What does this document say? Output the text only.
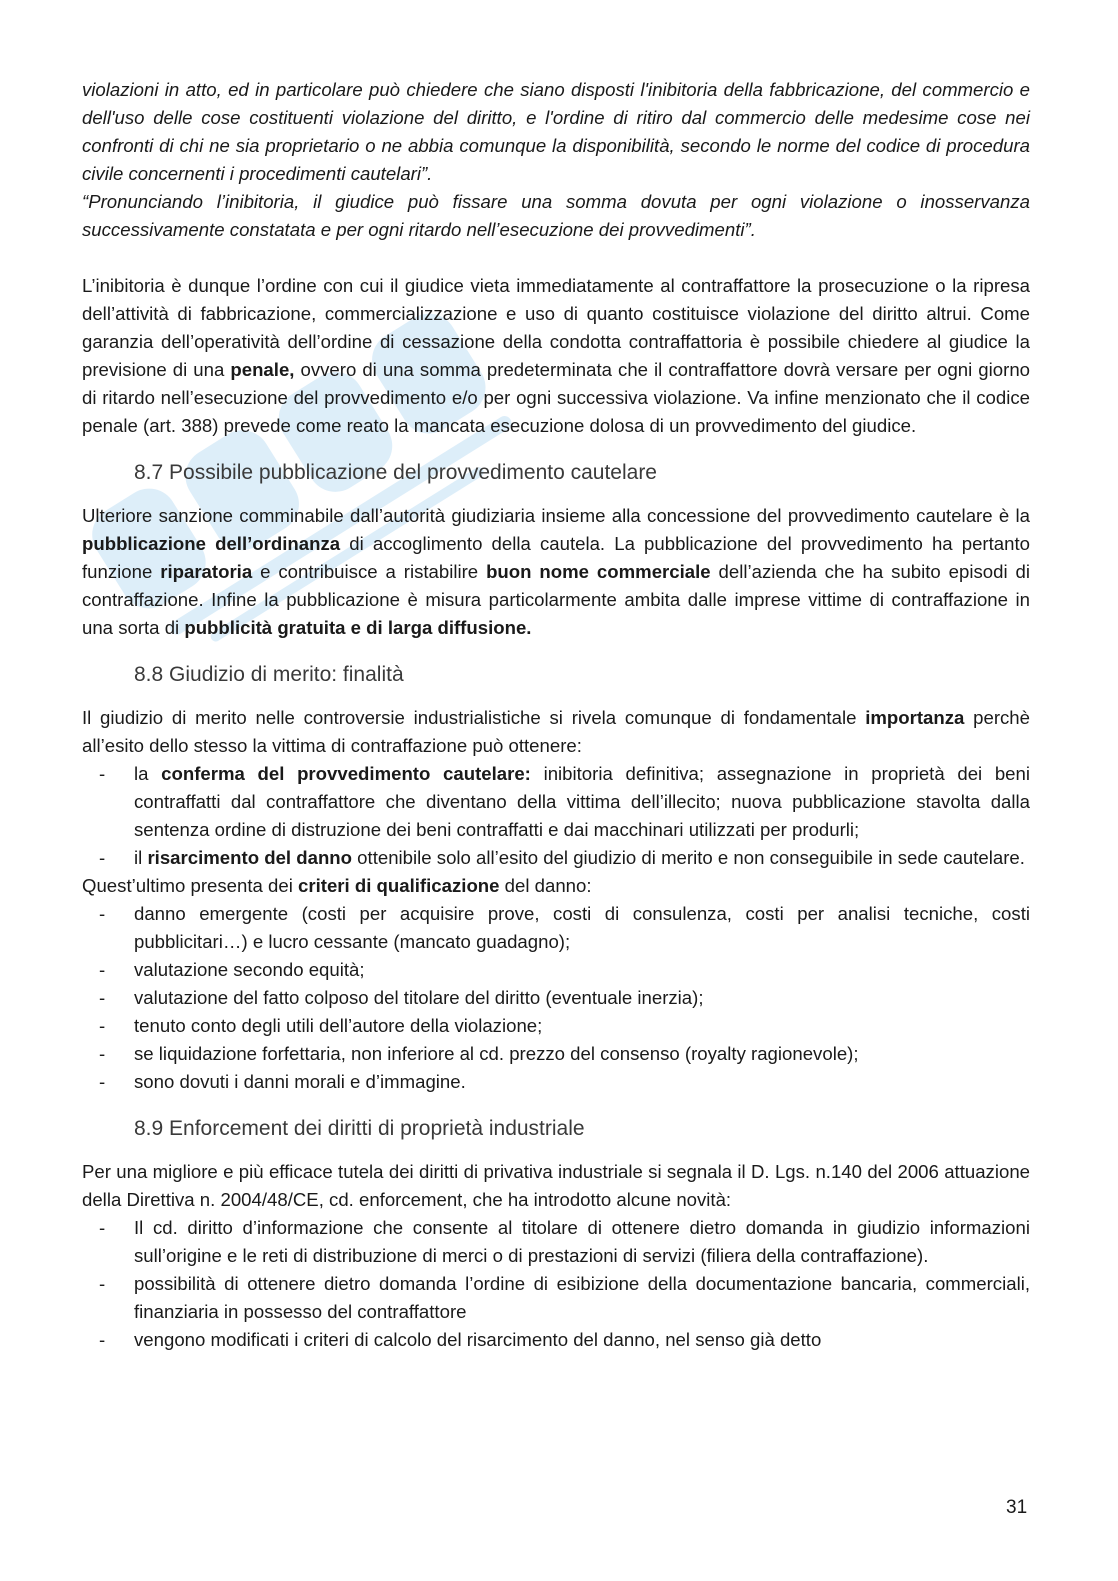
violazioni in atto, ed in particolare può chiedere che siano disposti l'inibitoria della fabbricazione, del commercio e dell'uso delle cose costituenti violazione del diritto, e l'ordine di ritiro dal commercio delle medesime cose nei confronti di chi ne sia proprietario o ne abbia comunque la disponibilità, secondo le norme del codice di procedura civile concernenti i procedimenti cautelari”.

“Pronunciando l’inibitoria, il giudice può fissare una somma dovuta per ogni violazione o inosservanza successivamente constatata e per ogni ritardo nell’esecuzione dei provvedimenti”.

L’inibitoria è dunque l’ordine con cui il giudice vieta immediatamente al contraffattore la prosecuzione o la ripresa dell’attività di fabbricazione, commercializzazione e uso di quanto costituisce violazione del diritto altrui. Come garanzia dell’operatività dell’ordine di cessazione della condotta contraffattoria è possibile chiedere al giudice la previsione di una penale, ovvero di una somma predeterminata che il contraffattore dovrà versare per ogni giorno di ritardo nell’esecuzione del provvedimento e/o per ogni successiva violazione. Va infine menzionato che il codice penale (art. 388) prevede come reato la mancata esecuzione dolosa di un provvedimento del giudice.

8.7 Possibile pubblicazione del provvedimento cautelare

Ulteriore sanzione comminabile dall’autorità giudiziaria insieme alla concessione del provvedimento cautelare è la pubblicazione dell’ordinanza di accoglimento della cautela. La pubblicazione del provvedimento ha pertanto funzione riparatoria e contribuisce a ristabilire buon nome commerciale dell’azienda che ha subito episodi di contraffazione. Infine la pubblicazione è misura particolarmente ambita dalle imprese vittime di contraffazione in una sorta di pubblicità gratuita e di larga diffusione.

8.8 Giudizio di merito: finalità

Il giudizio di merito nelle controversie industrialistiche si rivela comunque di fondamentale importanza perchè all’esito dello stesso la vittima di contraffazione può ottenere:

- la conferma del provvedimento cautelare: inibitoria definitiva; assegnazione in proprietà dei beni contraffatti dal contraffattore che diventano della vittima dell’illecito; nuova pubblicazione stavolta dalla sentenza ordine di distruzione dei beni contraffatti e dai macchinari utilizzati per produrli;
- il risarcimento del danno ottenibile solo all’esito del giudizio di merito e non conseguibile in sede cautelare.

Quest’ultimo presenta dei criteri di qualificazione del danno:

- danno emergente (costi per acquisire prove, costi di consulenza, costi per analisi tecniche, costi pubblicitari…) e lucro cessante (mancato guadagno);
- valutazione secondo equità;
- valutazione del fatto colposo del titolare del diritto (eventuale inerzia);
- tenuto conto degli utili dell’autore della violazione;
- se liquidazione forfettaria, non inferiore al cd. prezzo del consenso (royalty ragionevole);
- sono dovuti i danni morali e d’immagine.
8.9 Enforcement dei diritti di proprietà industriale

Per una migliore e più efficace tutela dei diritti di privativa industriale si segnala il D. Lgs. n.140 del 2006 attuazione della Direttiva n. 2004/48/CE, cd. enforcement, che ha introdotto alcune novità:

- Il cd. diritto d’informazione che consente al titolare di ottenere dietro domanda in giudizio informazioni sull’origine e le reti di distribuzione di merci o di prestazioni di servizi (filiera della contraffazione).
- possibilità di ottenere dietro domanda l’ordine di esibizione della documentazione bancaria, commerciali, finanziaria in possesso del contraffattore
- vengono modificati i criteri di calcolo del risarcimento del danno, nel senso già detto
31
